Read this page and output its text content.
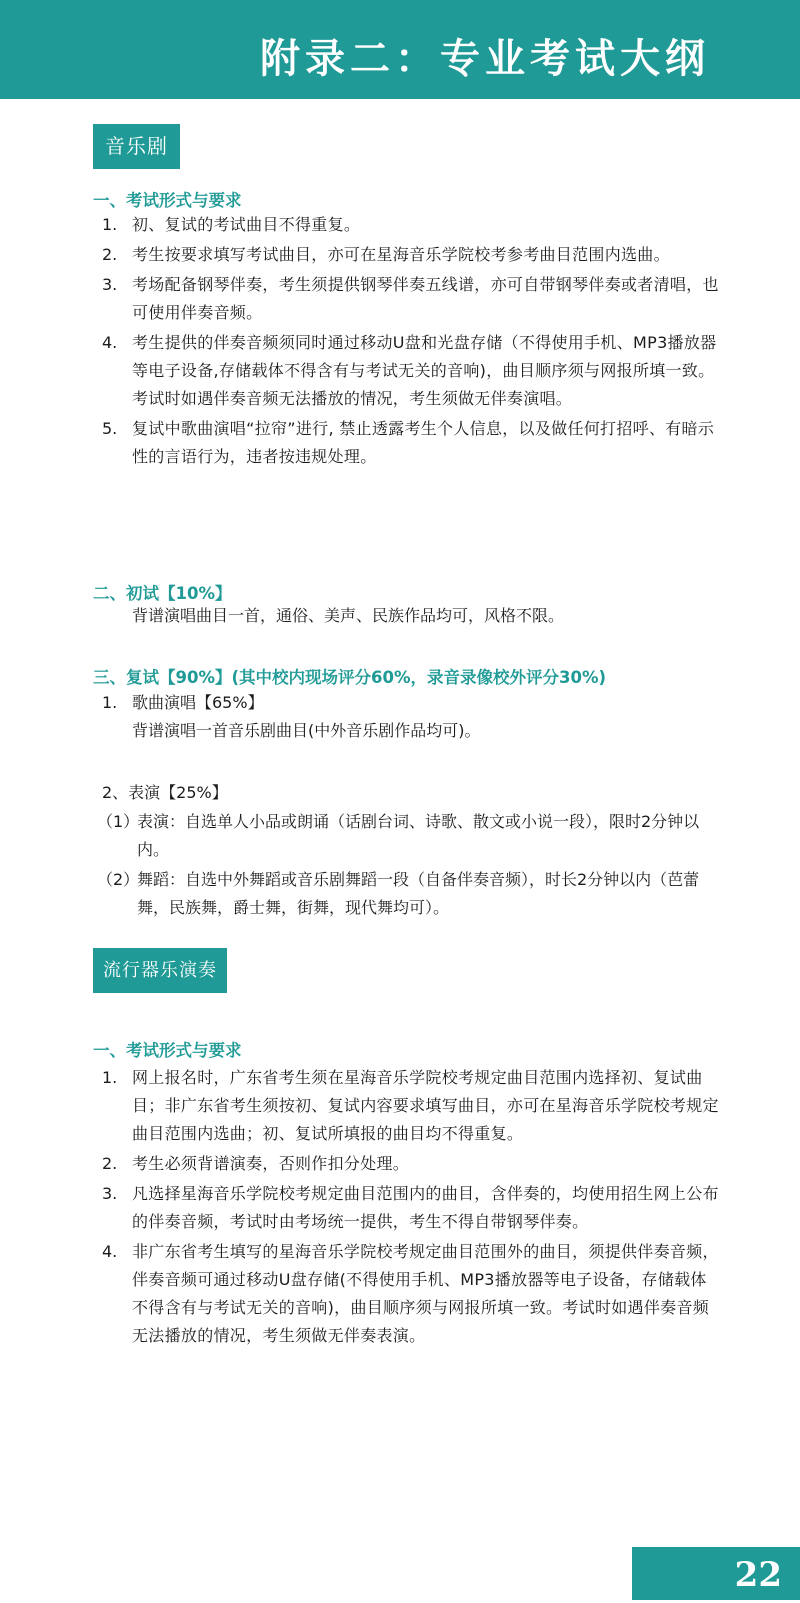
附录二：专业考试大纲
音乐剧
一、考试形式与要求
1. 初、复试的考试曲目不得重复。
2. 考生按要求填写考试曲目，亦可在星海音乐学院校考参考曲目范围内选曲。
3. 考场配备钢琴伴奏，考生须提供钢琴伴奏五线谱，亦可自带钢琴伴奏或者清唱，也可使用伴奏音频。
4. 考生提供的伴奏音频须同时通过移动U盘和光盘存储（不得使用手机、MP3播放器等电子设备,存储载体不得含有与考试无关的音响)，曲目顺序须与网报所填一致。考试时如遇伴奏音频无法播放的情况，考生须做无伴奏演唱。
5. 复试中歌曲演唱“拉帘”进行, 禁止透露考生个人信息，以及做任何打招呼、有暗示性的言语行为，违者按违规处理。
二、初试【10%】
背谱演唱曲目一首，通俗、美声、民族作品均可，风格不限。
三、复试【90%】(其中校内现场评分60%，录音录像校外评分30%)
1. 歌曲演唱【65%】
背谱演唱一首音乐剧曲目(中外音乐剧作品均可)。
2、表演【25%】
（1）
表演：自选单人小品或朗诵（话剧台词、诗歌、散文或小说一段），限时2分钟以内。
（2）
舞蹈：自选中外舞蹈或音乐剧舞蹈一段（自备伴奏音频），时长2分钟以内（芭蕾舞，民族舞，爵士舞，街舞，现代舞均可）。
流行器乐演奏
一、考试形式与要求
1. 网上报名时，广东省考生须在星海音乐学院校考规定曲目范围内选择初、复试曲目；非广东省考生须按初、复试内容要求填写曲目，亦可在星海音乐学院校考规定曲目范围内选曲；初、复试所填报的曲目均不得重复。
2. 考生必须背谱演奏，否则作扣分处理。
3. 凡选择星海音乐学院校考规定曲目范围内的曲目，含伴奏的，均使用招生网上公布的伴奏音频，考试时由考场统一提供，考生不得自带钢琴伴奏。
4. 非广东省考生填写的星海音乐学院校考规定曲目范围外的曲目，须提供伴奏音频，伴奏音频可通过移动U盘存储(不得使用手机、MP3播放器等电子设备，存储载体不得含有与考试无关的音响)，曲目顺序须与网报所填一致。考试时如遇伴奏音频无法播放的情况，考生须做无伴奏表演。
22
